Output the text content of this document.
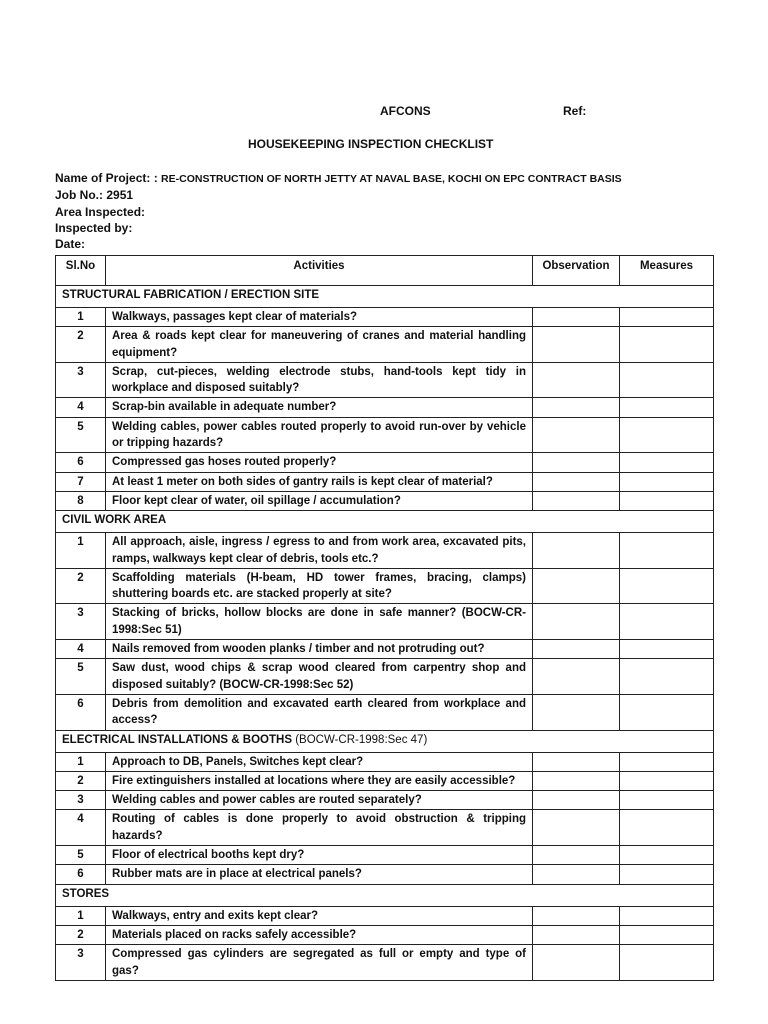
AFCONS	Ref:
HOUSEKEEPING INSPECTION CHECKLIST
Name of Project: : RE-CONSTRUCTION OF NORTH JETTY AT NAVAL BASE, KOCHI ON EPC CONTRACT BASIS
Job No.: 2951
Area Inspected:
Inspected by:
Date:
Sl.No	Activities	Observation	Measures
STRUCTURAL FABRICATION / ERECTION SITE			
1	Walkways, passages kept clear of materials?		
2	Area & roads kept clear for maneuvering of cranes and material handling equipment?		
3	Scrap, cut-pieces, welding electrode stubs, hand-tools kept tidy in workplace and disposed suitably?		
4	Scrap-bin available in adequate number?		
5	Welding cables, power cables routed properly to avoid run-over by vehicle or tripping hazards?		
6	Compressed gas hoses routed properly?		
7	At least 1 meter on both sides of gantry rails is kept clear of material?		
8	Floor kept clear of water, oil spillage / accumulation?		
CIVIL WORK AREA			
1	All approach, aisle, ingress / egress to and from work area, excavated pits, ramps, walkways kept clear of debris, tools etc.?		
2	Scaffolding materials (H-beam, HD tower frames, bracing, clamps) shuttering boards etc. are stacked properly at site?		
3	Stacking of bricks, hollow blocks are done in safe manner? (BOCW-CR-1998:Sec 51)		
4	Nails removed from wooden planks / timber and not protruding out?		
5	Saw dust, wood chips & scrap wood cleared from carpentry shop and disposed suitably? (BOCW-CR-1998:Sec 52)		
6	Debris from demolition and excavated earth cleared from workplace and access?		
ELECTRICAL INSTALLATIONS & BOOTHS (BOCW-CR-1998:Sec 47)			
1	Approach to DB, Panels, Switches kept clear?		
2	Fire extinguishers installed at locations where they are easily accessible?		
3	Welding cables and power cables are routed separately?		
4	Routing of cables is done properly to avoid obstruction & tripping hazards?		
5	Floor of electrical booths kept dry?		
6	Rubber mats are in place at electrical panels?		
STORES			
1	Walkways, entry and exits kept clear?		
2	Materials placed on racks safely accessible?		
3	Compressed gas cylinders are segregated as full or empty and type of gas?		
